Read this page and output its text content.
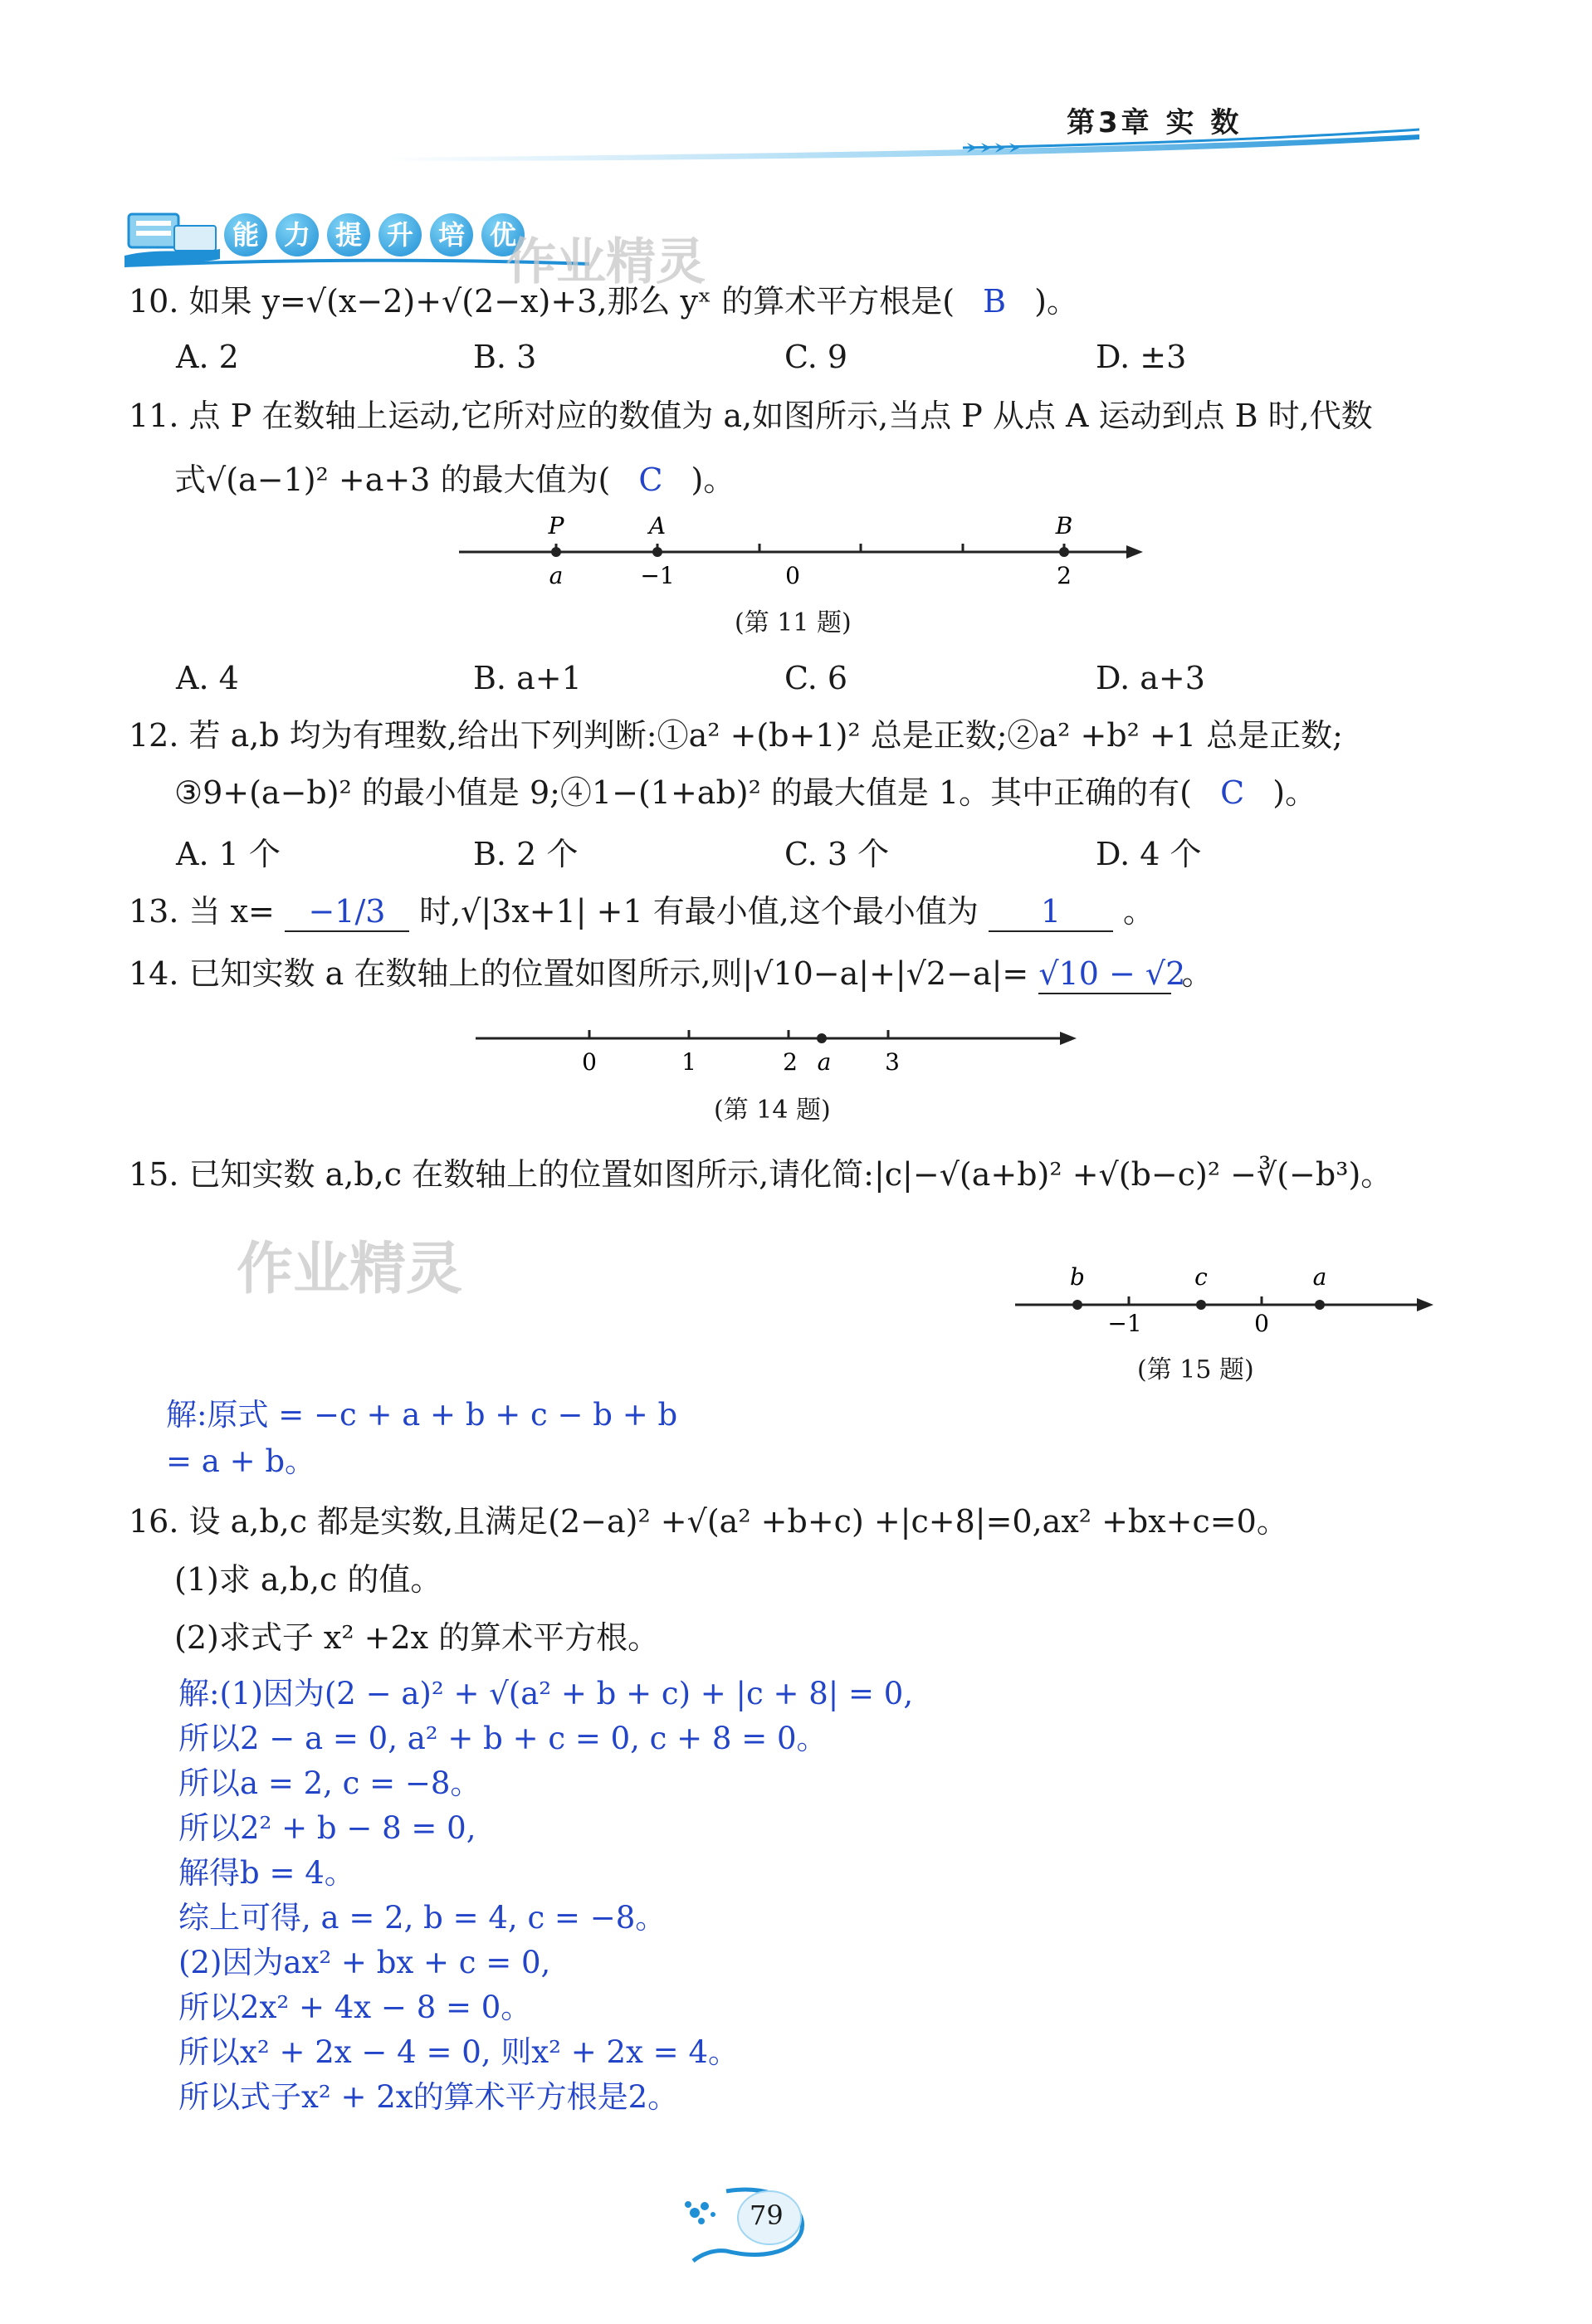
第3章 实 数
能 力 提 升 培 优
作业精灵
10. 如果 y=√(x−2)+√(2−x)+3,那么 yˣ 的算术平方根是( B )。
A. 2	B. 3	C. 9	D. ±3
11. 点 P 在数轴上运动,它所对应的数值为 a,如图所示,当点 P 从点 A 运动到点 B 时,代数
式√(a−1)² +a+3 的最大值为( C )。
P	A	B
a	−1	0	2
(第 11 题)
A. 4	B. a+1	C. 6	D. a+3
12. 若 a,b 均为有理数,给出下列判断:①a² +(b+1)² 总是正数;②a² +b² +1 总是正数;
③9+(a−b)² 的最小值是 9;④1−(1+ab)² 的最大值是 1。其中正确的有( C )。
A. 1 个	B. 2 个	C. 3 个	D. 4 个
13. 当 x= −1/3 时,√|3x+1| +1 有最小值,这个最小值为 1 。
14. 已知实数 a 在数轴上的位置如图所示,则|√10−a|+|√2−a|= √10 − √2 。
0	1	2 a 3
(第 14 题)
15. 已知实数 a,b,c 在数轴上的位置如图所示,请化简:|c|−√(a+b)² +√(b−c)² −∛(−b³)。
作业精灵	b	c	a
−1	0
(第 15 题)
解:原式 = −c + a + b + c − b + b
= a + b。
16. 设 a,b,c 都是实数,且满足(2−a)² +√(a² +b+c) +|c+8|=0,ax² +bx+c=0。
(1)求 a,b,c 的值。
(2)求式子 x² +2x 的算术平方根。
解:(1)因为(2 − a)² + √(a² + b + c) + |c + 8| = 0,
所以2 − a = 0, a² + b + c = 0, c + 8 = 0。
所以a = 2, c = −8。
所以2² + b − 8 = 0,
解得b = 4。
综上可得, a = 2, b = 4, c = −8。
(2)因为ax² + bx + c = 0,
所以2x² + 4x − 8 = 0。
所以x² + 2x − 4 = 0, 则x² + 2x = 4。
所以式子x² + 2x的算术平方根是2。
79
